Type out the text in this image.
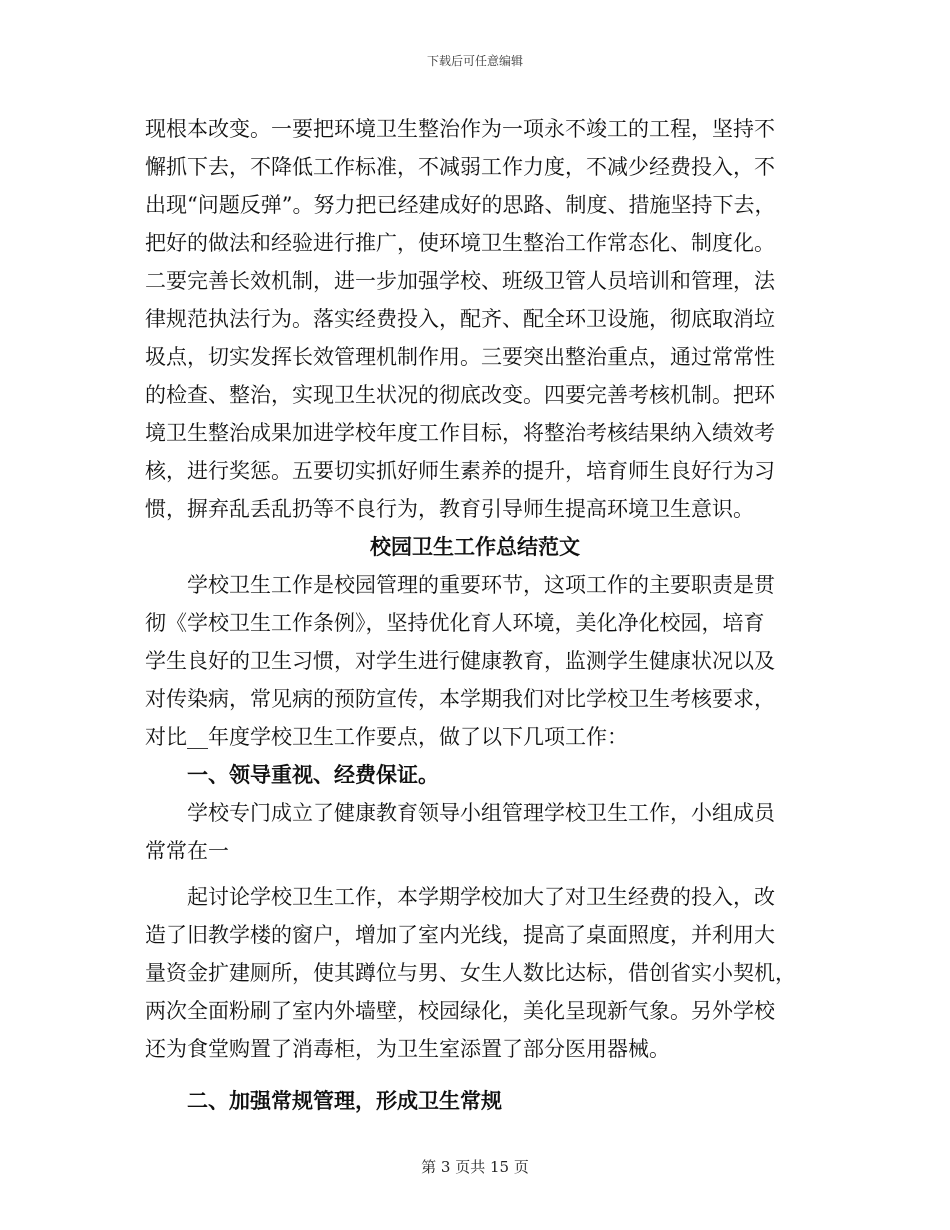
下载后可任意编辑
现根本改变。一要把环境卫生整治作为一项永不竣工的工程，坚持不
懈抓下去，不降低工作标准，不减弱工作力度，不减少经费投入，不
出现“问题反弹”。努力把已经建成好的思路、制度、措施坚持下去，
把好的做法和经验进行推广，使环境卫生整治工作常态化、制度化。
二要完善长效机制，进一步加强学校、班级卫管人员培训和管理，法
律规范执法行为。落实经费投入，配齐、配全环卫设施，彻底取消垃
圾点，切实发挥长效管理机制作用。三要突出整治重点，通过常常性
的检查、整治，实现卫生状况的彻底改变。四要完善考核机制。把环
境卫生整治成果加进学校年度工作目标，将整治考核结果纳入绩效考
核，进行奖惩。五要切实抓好师生素养的提升，培育师生良好行为习
惯，摒弃乱丢乱扔等不良行为，教育引导师生提高环境卫生意识。
校园卫生工作总结范文
学校卫生工作是校园管理的重要环节，这项工作的主要职责是贯
彻《学校卫生工作条例》，坚持优化育人环境，美化净化校园，培育
学生良好的卫生习惯，对学生进行健康教育，监测学生健康状况以及
对传染病，常见病的预防宣传，本学期我们对比学校卫生考核要求，
对比__年度学校卫生工作要点，做了以下几项工作：
一、领导重视、经费保证。
学校专门成立了健康教育领导小组管理学校卫生工作，小组成员
常常在一
起讨论学校卫生工作，本学期学校加大了对卫生经费的投入，改
造了旧教学楼的窗户，增加了室内光线，提高了桌面照度，并利用大
量资金扩建厕所，使其蹲位与男、女生人数比达标，借创省实小契机，
两次全面粉刷了室内外墙壁，校园绿化，美化呈现新气象。另外学校
还为食堂购置了消毒柜，为卫生室添置了部分医用器械。
二、加强常规管理，形成卫生常规
第 3 页共 15 页
